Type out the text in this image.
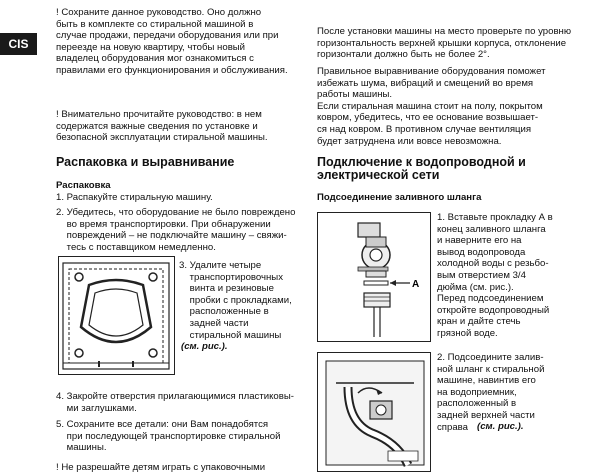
CIS
! Сохраните данное руководство. Оно должно
быть в комплекте со стиральной машиной в
случае продажи, передачи оборудования или при
переезде на новую квартиру, чтобы новый
владелец оборудования мог ознакомиться с
правилами его функционирования и обслуживания.
! Внимательно прочитайте руководство: в нем
содержатся важные сведения по установке и
безопасной эксплуатации стиральной машины.
Распаковка и выравнивание
Распаковка
1. Распакуйте стиральную машину.
2. Убедитесь, что оборудование не было повреждено
во время транспортировки. При обнаружении
повреждений – не подключайте машину – свяжи-
тесь с поставщиком немедленно.
3. Удалите четыре
транспортировочных
винта и резиновые
пробки с прокладками,
расположенные в
задней части
стиральной машины
(см. рис.).
4. Закройте отверстия прилагающимися пластиковы-
ми заглушками.
5. Сохраните все детали: они Вам понадобятся
при последующей транспортировке стиральной
машины.
! Не разрешайте детям играть с упаковочными
После установки машины на место проверьте по уровню
горизонтальность верхней крышки корпуса, отклонение
горизонтали должно быть не более 2°.
Правильное выравнивание оборудования поможет
избежать шума, вибраций и смещений во время
работы машины.
Если стиральная машина стоит на полу, покрытом
ковром, убедитесь, что ее основание возвышает-
ся над ковром. В противном случае вентиляция
будет затруднена или вовсе невозможна.
Подключение к водопроводной и
электрической сети
Подсоединение заливного шланга
A
1. Вставьте прокладку А в
конец заливного шланга
и наверните его на
вывод водопровода
холодной воды с резьбо-
вым отверстием 3/4
дюйма (см. рис.).
Перед подсоединением
откройте водопроводный
кран и дайте стечь
грязной воде.
2. Подсоедините залив-
ной шланг к стиральной
машине, навинтив его
на водоприемник,
расположенный в
задней верхней части
справа (см. рис.).
